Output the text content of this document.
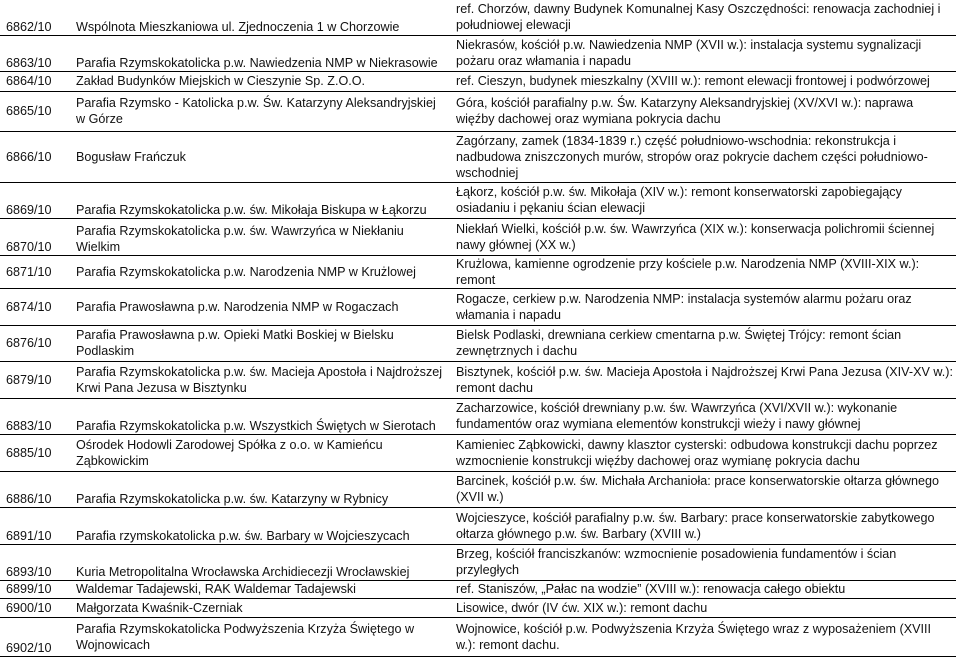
6862/10	Wspólnota Mieszkaniowa ul. Zjednoczenia 1 w Chorzowie	ref. Chorzów, dawny Budynek Komunalnej Kasy Oszczędności: renowacja zachodniej i południowej elewacji
6863/10	Parafia Rzymskokatolicka p.w. Nawiedzenia NMP w Niekrasowie	Niekrasów, kościół p.w. Nawiedzenia NMP (XVII w.): instalacja systemu sygnalizacji pożaru oraz włamania i napadu
6864/10	Zakład Budynków Miejskich w Cieszynie Sp. Z.O.O.	ref. Cieszyn, budynek mieszkalny (XVIII w.): remont elewacji frontowej i podwórzowej
6865/10	Parafia Rzymsko - Katolicka p.w. Św. Katarzyny Aleksandryjskiej w Górze	Góra, kościół parafialny p.w. Św. Katarzyny Aleksandryjskiej (XV/XVI w.): naprawa więźby dachowej oraz wymiana pokrycia dachu
6866/10	Bogusław Frańczuk	Zagórzany, zamek (1834-1839 r.) część południowo-wschodnia: rekonstrukcja i nadbudowa zniszczonych murów, stropów oraz pokrycie dachem części południowo-wschodniej
6869/10	Parafia Rzymskokatolicka p.w. św. Mikołaja Biskupa w Łąkorzu	Łąkorz, kościół p.w. św. Mikołaja (XIV w.): remont konserwatorski zapobiegający osiadaniu i pękaniu ścian elewacji
6870/10	Parafia Rzymskokatolicka p.w. św. Wawrzyńca w Niekłaniu Wielkim	Niekłań Wielki, kościół p.w. św. Wawrzyńca (XIX w.): konserwacja polichromii ściennej nawy głównej (XX w.)
6871/10	Parafia Rzymskokatolicka p.w. Narodzenia NMP w Krużlowej	Krużlowa, kamienne ogrodzenie przy kościele p.w. Narodzenia NMP (XVIII-XIX w.): remont
6874/10	Parafia Prawosławna p.w. Narodzenia NMP w Rogaczach	Rogacze, cerkiew p.w. Narodzenia NMP: instalacja systemów alarmu pożaru oraz włamania i napadu
6876/10	Parafia Prawosławna p.w. Opieki Matki Boskiej w Bielsku Podlaskim	Bielsk Podlaski, drewniana cerkiew cmentarna p.w. Świętej Trójcy: remont ścian zewnętrznych i dachu
6879/10	Parafia Rzymskokatolicka p.w. św. Macieja Apostoła i Najdroższej Krwi Pana Jezusa w Bisztynku	Bisztynek, kościół p.w. św. Macieja Apostoła i Najdroższej Krwi Pana Jezusa (XIV-XV w.): remont dachu
6883/10	Parafia Rzymskokatolicka p.w. Wszystkich Świętych w Sierotach	Zacharzowice, kościół drewniany p.w. św. Wawrzyńca (XVI/XVII w.): wykonanie fundamentów oraz wymiana elementów konstrukcji wieży i nawy głównej
6885/10	Ośrodek Hodowli Zarodowej Spółka z o.o. w Kamieńcu Ząbkowickim	Kamieniec Ząbkowicki, dawny klasztor cysterski: odbudowa konstrukcji dachu poprzez wzmocnienie konstrukcji więźby dachowej oraz wymianę pokrycia dachu
6886/10	Parafia Rzymskokatolicka p.w. św. Katarzyny w Rybnicy	Barcinek, kościół p.w. św. Michała Archanioła: prace konserwatorskie ołtarza głównego (XVII w.)
6891/10	Parafia rzymskokatolicka p.w. św. Barbary w Wojcieszycach	Wojcieszyce, kościół parafialny p.w. św. Barbary: prace konserwatorskie zabytkowego ołtarza głównego p.w. św. Barbary (XVIII w.)
6893/10	Kuria Metropolitalna Wrocławska Archidiecezji Wrocławskiej	Brzeg, kościół franciszkanów: wzmocnienie posadowienia fundamentów i ścian przyległych
6899/10	Waldemar Tadajewski, RAK Waldemar Tadajewski	ref. Staniszów, „Pałac na wodzie” (XVIII w.): renowacja całego obiektu
6900/10	Małgorzata Kwaśnik-Czerniak	Lisowice, dwór (IV ćw. XIX w.): remont dachu
6902/10	Parafia Rzymskokatolicka Podwyższenia Krzyża Świętego w Wojnowicach	Wojnowice, kościół p.w. Podwyższenia Krzyża Świętego wraz z wyposażeniem (XVIII w.): remont dachu.
